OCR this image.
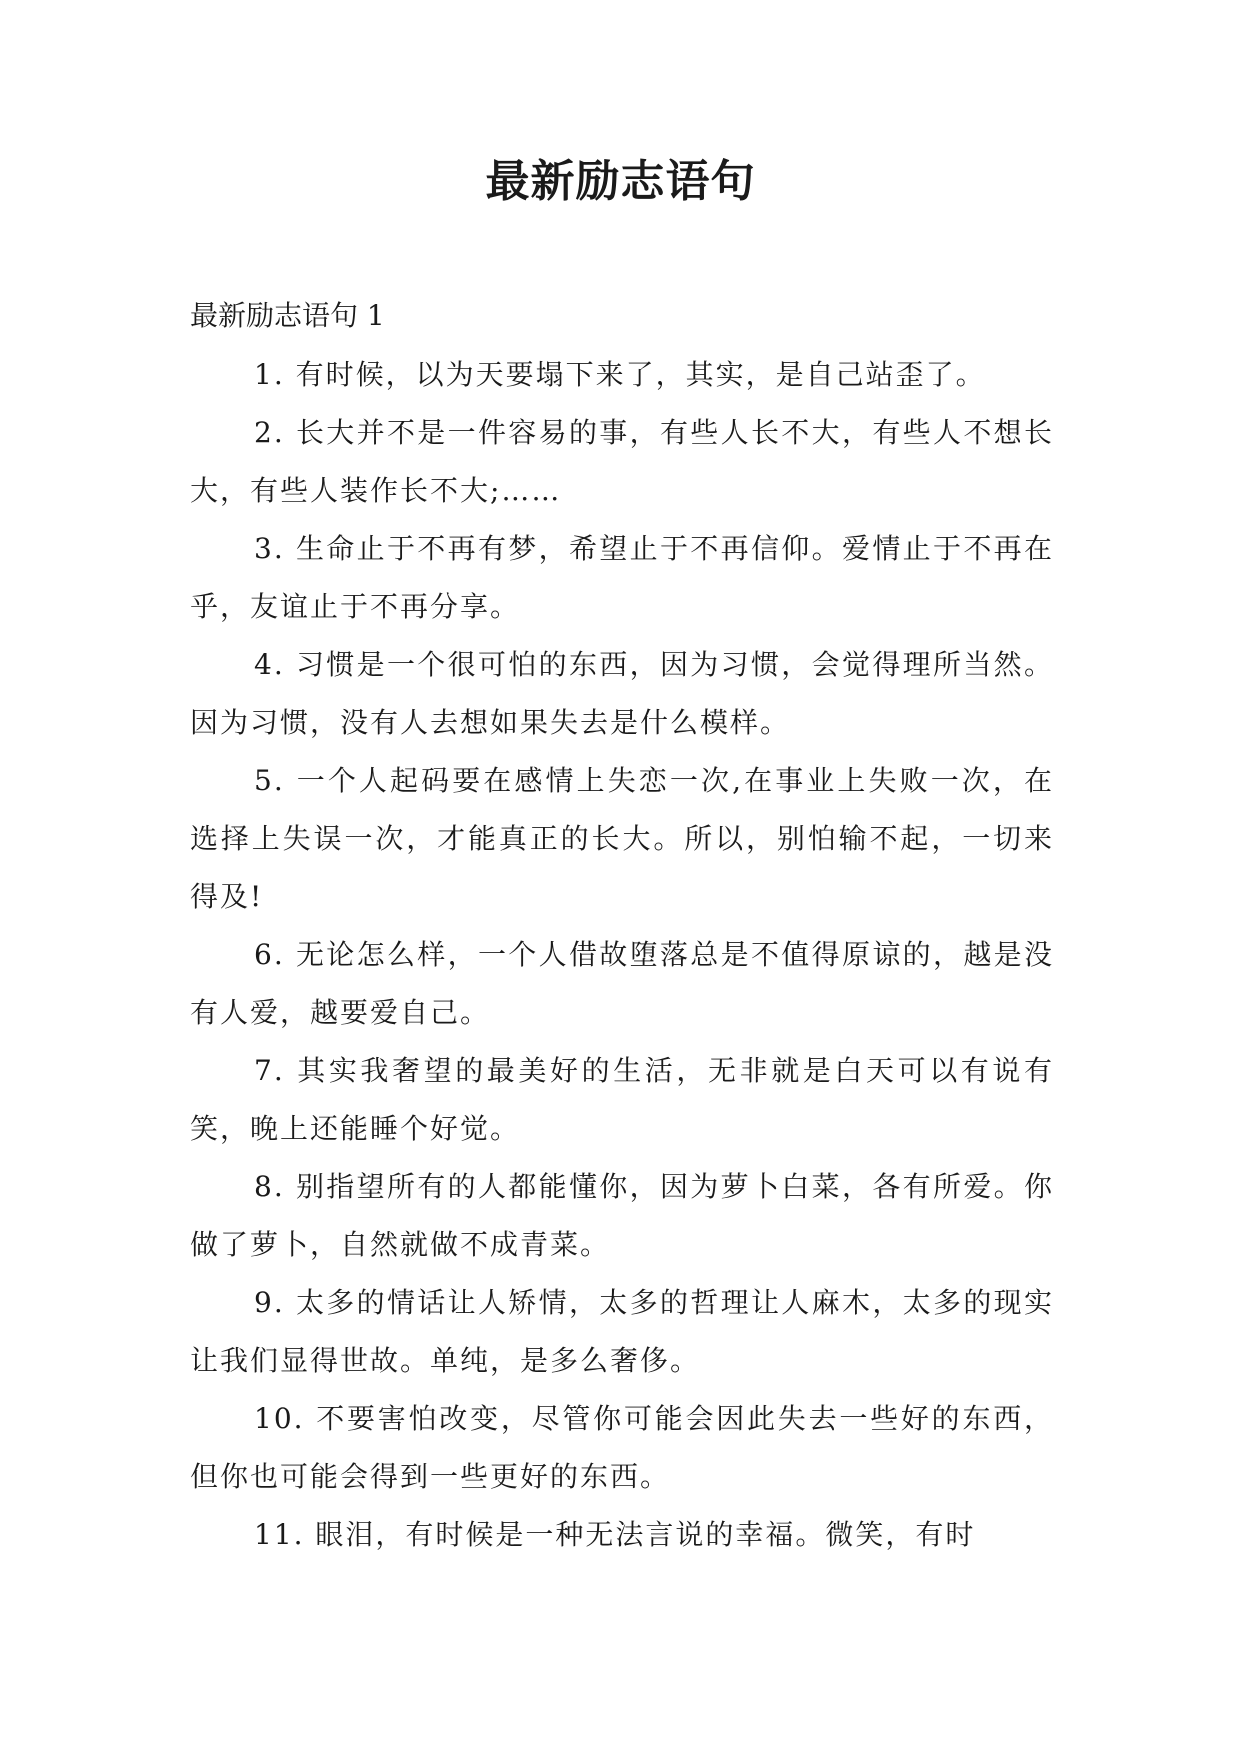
最新励志语句
最新励志语句 1

1. 有时候，以为天要塌下来了，其实，是自己站歪了。

2. 长大并不是一件容易的事，有些人长不大，有些人不想长大，有些人装作长不大;……

3. 生命止于不再有梦，希望止于不再信仰。爱情止于不再在乎，友谊止于不再分享。

4. 习惯是一个很可怕的东西，因为习惯，会觉得理所当然。因为习惯，没有人去想如果失去是什么模样。

5. 一个人起码要在感情上失恋一次,在事业上失败一次，在选择上失误一次，才能真正的长大。所以，别怕输不起，一切来得及!

6. 无论怎么样，一个人借故堕落总是不值得原谅的，越是没有人爱，越要爱自己。

7. 其实我奢望的最美好的生活，无非就是白天可以有说有笑，晚上还能睡个好觉。

8. 别指望所有的人都能懂你，因为萝卜白菜，各有所爱。你做了萝卜，自然就做不成青菜。

9. 太多的情话让人矫情，太多的哲理让人麻木，太多的现实让我们显得世故。单纯，是多么奢侈。

10. 不要害怕改变，尽管你可能会因此失去一些好的东西，但你也可能会得到一些更好的东西。

11. 眼泪，有时候是一种无法言说的幸福。微笑，有时
